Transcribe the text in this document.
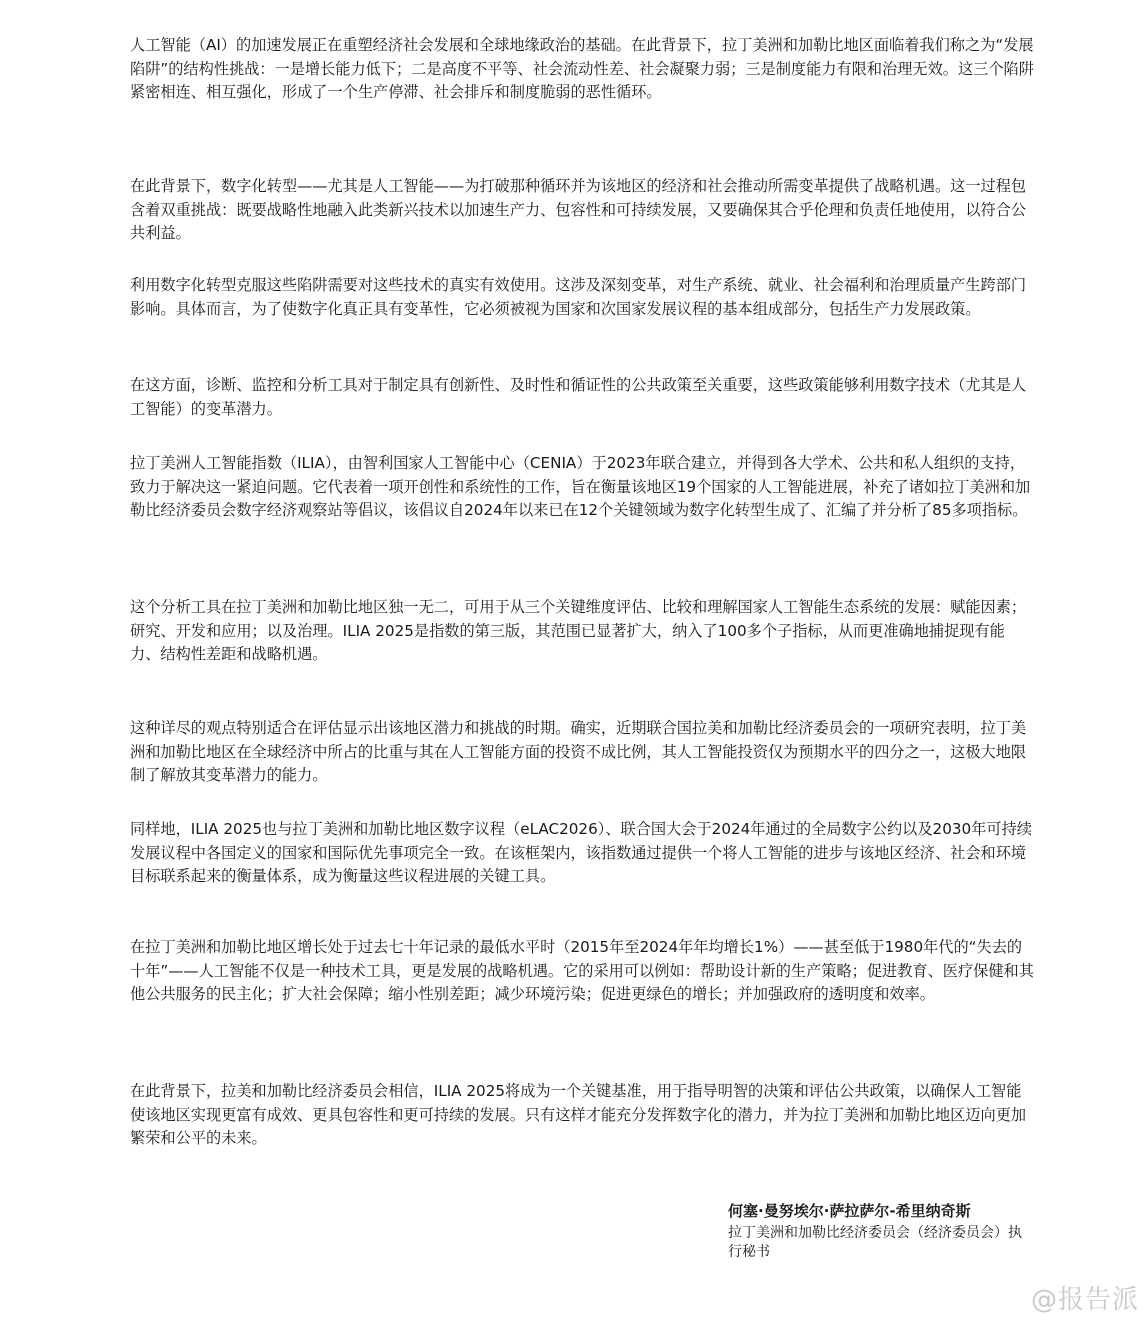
人工智能（AI）的加速发展正在重塑经济社会发展和全球地缘政治的基础。在此背景下，拉丁美洲和加勒比地区面临着我们称之为“发展陷阱”的结构性挑战：一是增长能力低下；二是高度不平等、社会流动性差、社会凝聚力弱；三是制度能力有限和治理无效。这三个陷阱紧密相连、相互强化，形成了一个生产停滞、社会排斥和制度脆弱的恶性循环。

在此背景下，数字化转型——尤其是人工智能——为打破那种循环并为该地区的经济和社会推动所需变革提供了战略机遇。这一过程包含着双重挑战：既要战略性地融入此类新兴技术以加速生产力、包容性和可持续发展，又要确保其合乎伦理和负责任地使用，以符合公共利益。

利用数字化转型克服这些陷阱需要对这些技术的真实有效使用。这涉及深刻变革，对生产系统、就业、社会福利和治理质量产生跨部门影响。具体而言，为了使数字化真正具有变革性，它必须被视为国家和次国家发展议程的基本组成部分，包括生产力发展政策。

在这方面，诊断、监控和分析工具对于制定具有创新性、及时性和循证性的公共政策至关重要，这些政策能够利用数字技术（尤其是人工智能）的变革潜力。

拉丁美洲人工智能指数（ILIA），由智利国家人工智能中心（CENIA）于2023年联合建立，并得到各大学术、公共和私人组织的支持，致力于解决这一紧迫问题。它代表着一项开创性和系统性的工作，旨在衡量该地区19个国家的人工智能进展，补充了诸如拉丁美洲和加勒比经济委员会数字经济观察站等倡议，该倡议自2024年以来已在12个关键领域为数字化转型生成了、汇编了并分析了85多项指标。

这个分析工具在拉丁美洲和加勒比地区独一无二，可用于从三个关键维度评估、比较和理解国家人工智能生态系统的发展：赋能因素；研究、开发和应用；以及治理。ILIA 2025是指数的第三版，其范围已显著扩大，纳入了100多个子指标，从而更准确地捕捉现有能力、结构性差距和战略机遇。

这种详尽的观点特别适合在评估显示出该地区潜力和挑战的时期。确实，近期联合国拉美和加勒比经济委员会的一项研究表明，拉丁美洲和加勒比地区在全球经济中所占的比重与其在人工智能方面的投资不成比例，其人工智能投资仅为预期水平的四分之一，这极大地限制了解放其变革潜力的能力。

同样地，ILIA 2025也与拉丁美洲和加勒比地区数字议程（eLAC2026）、联合国大会于2024年通过的全局数字公约以及2030年可持续发展议程中各国定义的国家和国际优先事项完全一致。在该框架内，该指数通过提供一个将人工智能的进步与该地区经济、社会和环境目标联系起来的衡量体系，成为衡量这些议程进展的关键工具。

在拉丁美洲和加勒比地区增长处于过去七十年记录的最低水平时（2015年至2024年年均增长1%）——甚至低于1980年代的“失去的十年”——人工智能不仅是一种技术工具，更是发展的战略机遇。它的采用可以例如：帮助设计新的生产策略；促进教育、医疗保健和其他公共服务的民主化；扩大社会保障；缩小性别差距；减少环境污染；促进更绿色的增长；并加强政府的透明度和效率。

在此背景下，拉美和加勒比经济委员会相信，ILIA 2025将成为一个关键基准，用于指导明智的决策和评估公共政策，以确保人工智能使该地区实现更富有成效、更具包容性和更可持续的发展。只有这样才能充分发挥数字化的潜力，并为拉丁美洲和加勒比地区迈向更加繁荣和公平的未来。

何塞·曼努埃尔·萨拉萨尔-希里纳奇斯

拉丁美洲和加勒比经济委员会（经济委员会）执行秘书

@报告派
